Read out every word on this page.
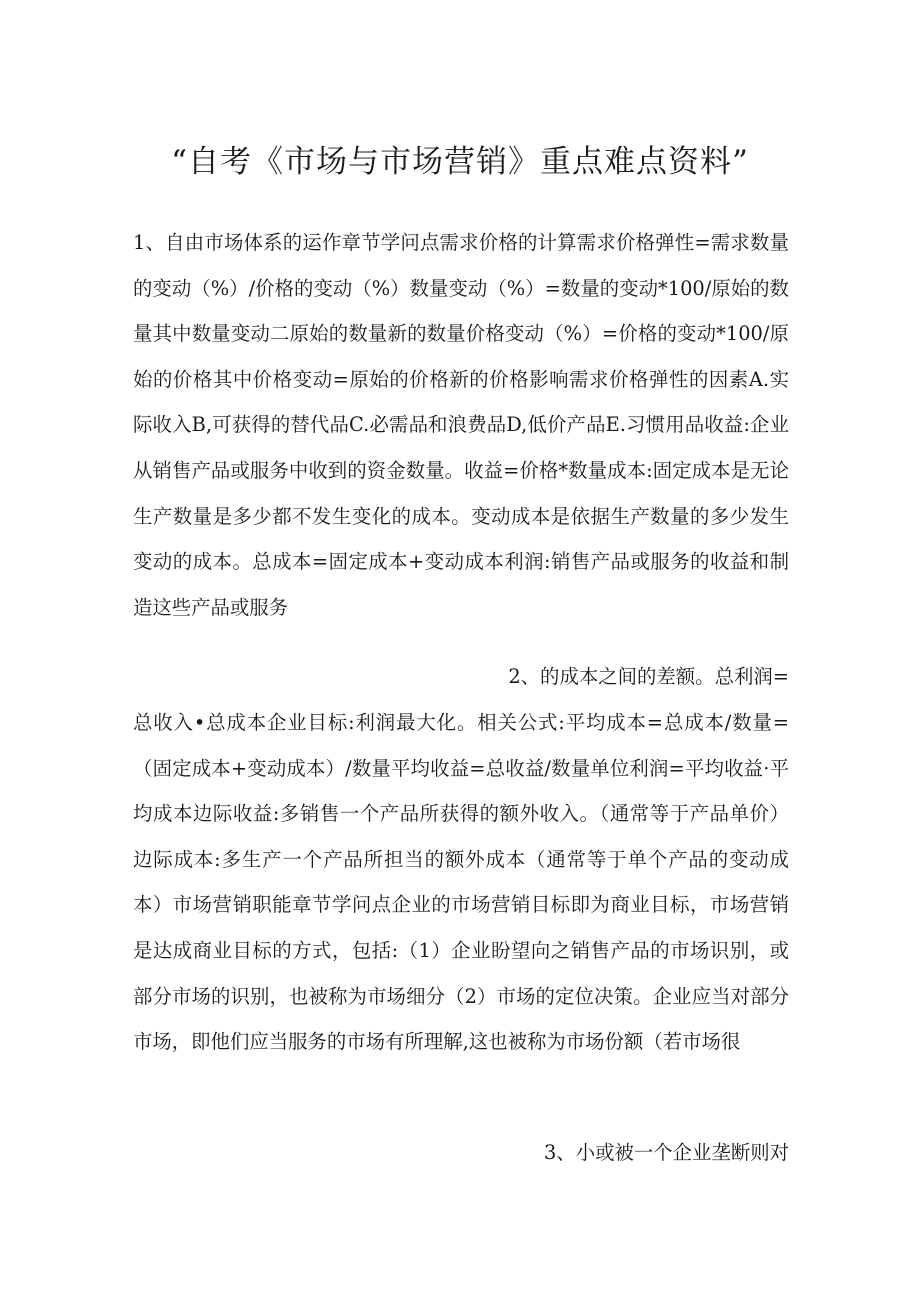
“自考《市场与市场营销》重点难点资料”

1、自由市场体系的运作章节学问点需求价格的计算需求价格弹性=需求数量的变动（%）/价格的变动（%）数量变动（%）=数量的变动*100/原始的数量其中数量变动二原始的数量新的数量价格变动（%）=价格的变动*100/原始的价格其中价格变动=原始的价格新的价格影响需求价格弹性的因素A.实际收入B,可获得的替代品C.必需品和浪费品D,低价产品E.习惯用品收益:企业从销售产品或服务中收到的资金数量。收益=价格*数量成本:固定成本是无论生产数量是多少都不发生变化的成本。变动成本是依据生产数量的多少发生变动的成本。总成本=固定成本+变动成本利润:销售产品或服务的收益和制造这些产品或服务

2、的成本之间的差额。总利润=

总收入•总成本企业目标:利润最大化。相关公式:平均成本=总成本/数量=（固定成本+变动成本）/数量平均收益=总收益/数量单位利润=平均收益·平均成本边际收益:多销售一个产品所获得的额外收入。（通常等于产品单价）边际成本:多生产一个产品所担当的额外成本（通常等于单个产品的变动成本）市场营销职能章节学问点企业的市场营销目标即为商业目标，市场营销是达成商业目标的方式，包括:（1）企业盼望向之销售产品的市场识别，或部分市场的识别，也被称为市场细分（2）市场的定位决策。企业应当对部分市场，即他们应当服务的市场有所理解,这也被称为市场份额（若市场很

3、小或被一个企业垄断则对
